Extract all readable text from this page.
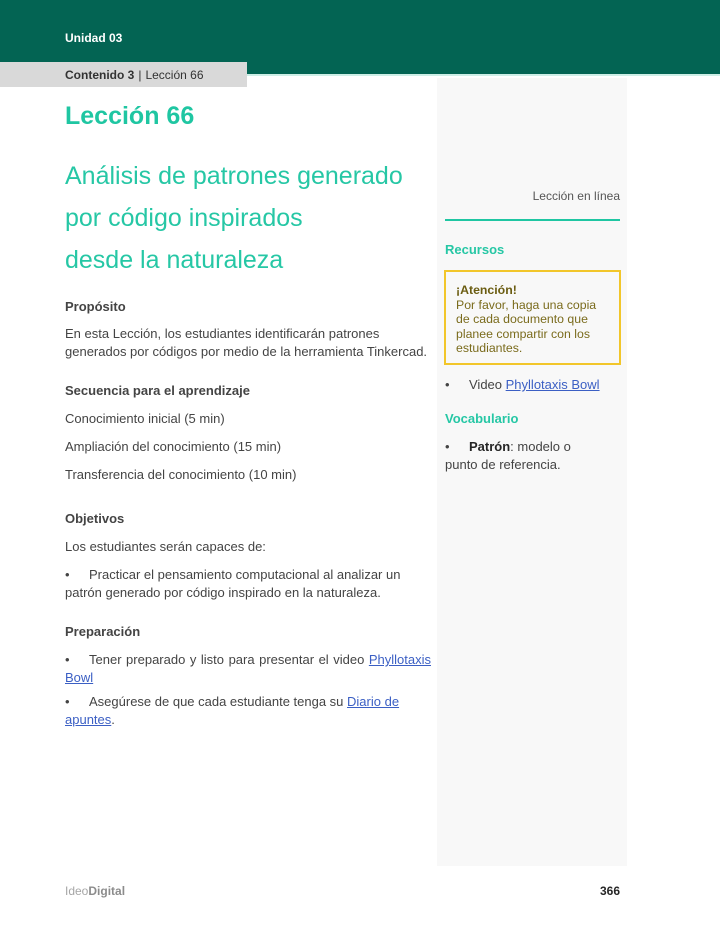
Unidad 03
Contenido 3 | Lección 66
Lección 66
Análisis de patrones generado
por código inspirados
desde la naturaleza
Propósito
En esta Lección, los estudiantes identificarán patrones generados por códigos por medio de la herramienta Tinkercad.
Secuencia para el aprendizaje
Conocimiento inicial (5 min)
Ampliación del conocimiento (15 min)
Transferencia del conocimiento (10 min)
Objetivos
Los estudiantes serán capaces de:
• Practicar el pensamiento computacional al analizar un patrón generado por código inspirado en la naturaleza.
Preparación
• Tener preparado y listo para presentar el video Phyllotaxis Bowl
• Asegúrese de que cada estudiante tenga su Diario de apuntes.
Lección en línea
Recursos
¡Atención!
Por favor, haga una copia de cada documento que planee compartir con los estudiantes.
• Video Phyllotaxis Bowl
Vocabulario
• Patrón: modelo o punto de referencia.
IdeoDigital	366
